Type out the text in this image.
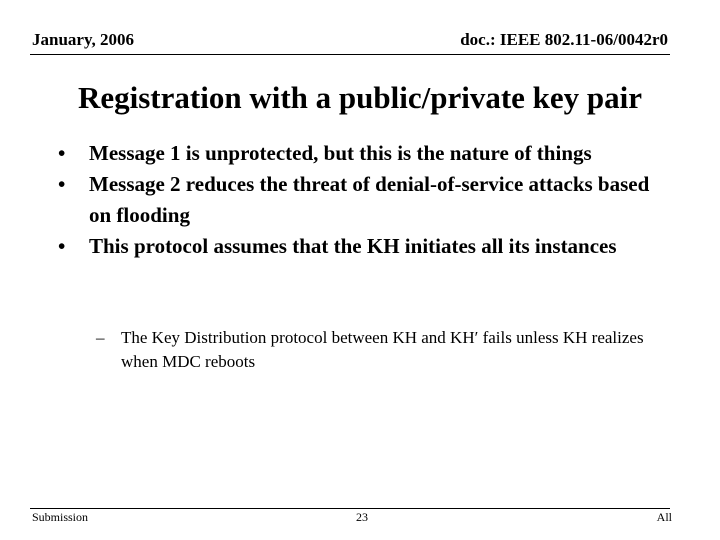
January, 2006	doc.: IEEE 802.11-06/0042r0
Registration with a public/private key pair
• Message 1 is unprotected, but this is the nature of things
• Message 2 reduces the threat of denial-of-service attacks based on flooding
• This protocol assumes that the KH initiates all its instances
– The Key Distribution protocol between KH and KH′ fails unless KH realizes when MDC reboots
Submission	23	All
